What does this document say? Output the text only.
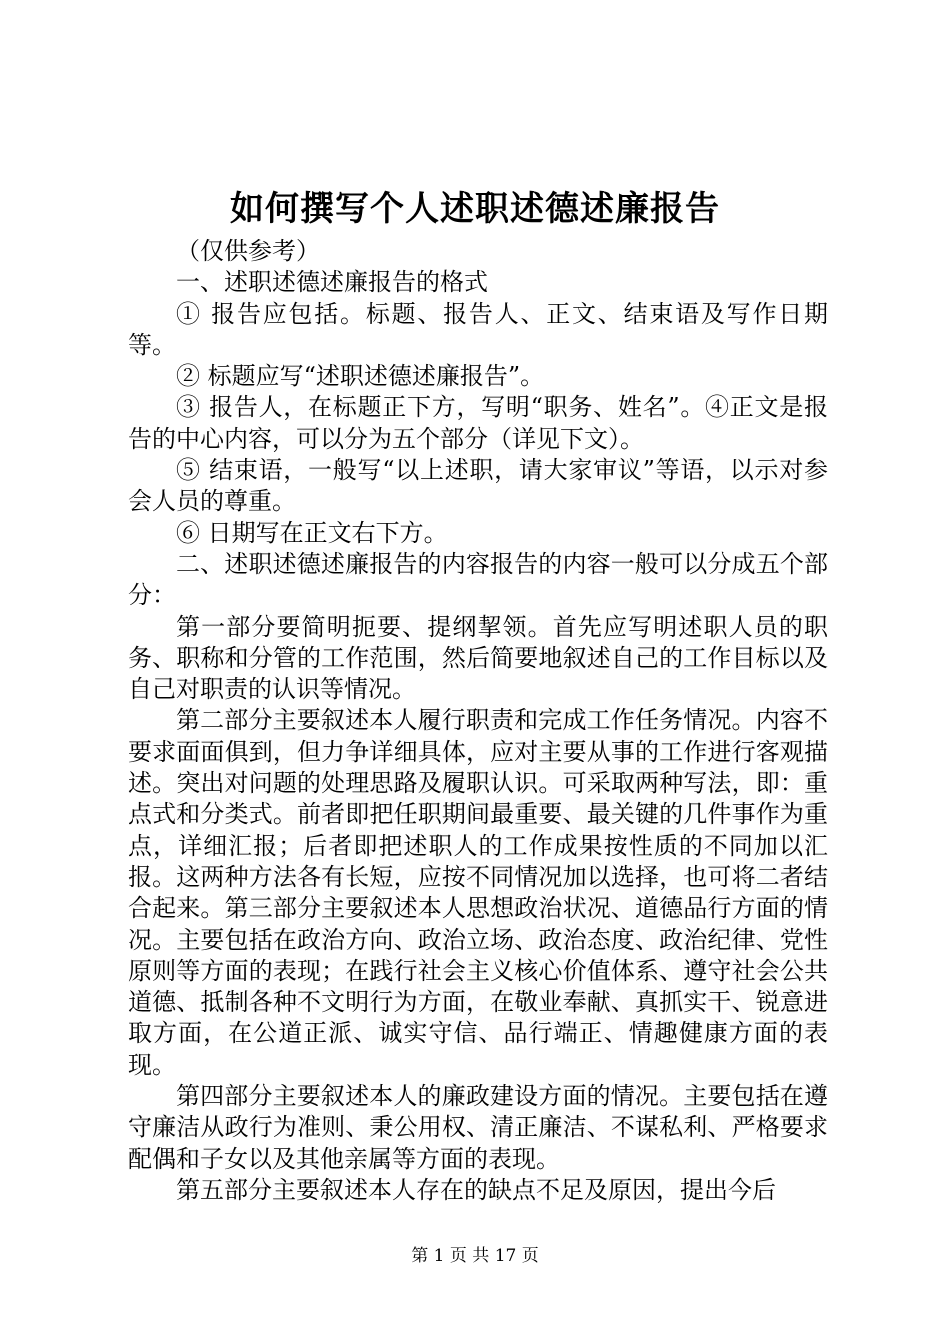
如何撰写个人述职述德述廉报告

（仅供参考）

一、述职述德述廉报告的格式

① 报告应包括。标题、报告人、正文、结束语及写作日期等。

② 标题应写“述职述德述廉报告”。

③ 报告人，在标题正下方，写明“职务、姓名”。④正文是报告的中心内容，可以分为五个部分（详见下文）。

⑤ 结束语，一般写“以上述职，请大家审议”等语，以示对参会人员的尊重。

⑥ 日期写在正文右下方。

二、述职述德述廉报告的内容报告的内容一般可以分成五个部分：

第一部分要简明扼要、提纲挈领。首先应写明述职人员的职务、职称和分管的工作范围，然后简要地叙述自己的工作目标以及自己对职责的认识等情况。

第二部分主要叙述本人履行职责和完成工作任务情况。内容不要求面面俱到，但力争详细具体，应对主要从事的工作进行客观描述。突出对问题的处理思路及履职认识。可采取两种写法，即：重点式和分类式。前者即把任职期间最重要、最关键的几件事作为重点，详细汇报；后者即把述职人的工作成果按性质的不同加以汇报。这两种方法各有长短，应按不同情况加以选择，也可将二者结合起来。第三部分主要叙述本人思想政治状况、道德品行方面的情况。主要包括在政治方向、政治立场、政治态度、政治纪律、党性原则等方面的表现；在践行社会主义核心价值体系、遵守社会公共道德、抵制各种不文明行为方面，在敬业奉献、真抓实干、锐意进取方面，在公道正派、诚实守信、品行端正、情趣健康方面的表现。

第四部分主要叙述本人的廉政建设方面的情况。主要包括在遵守廉洁从政行为准则、秉公用权、清正廉洁、不谋私利、严格要求配偶和子女以及其他亲属等方面的表现。

第五部分主要叙述本人存在的缺点不足及原因，提出今后

第 1 页 共 17 页
